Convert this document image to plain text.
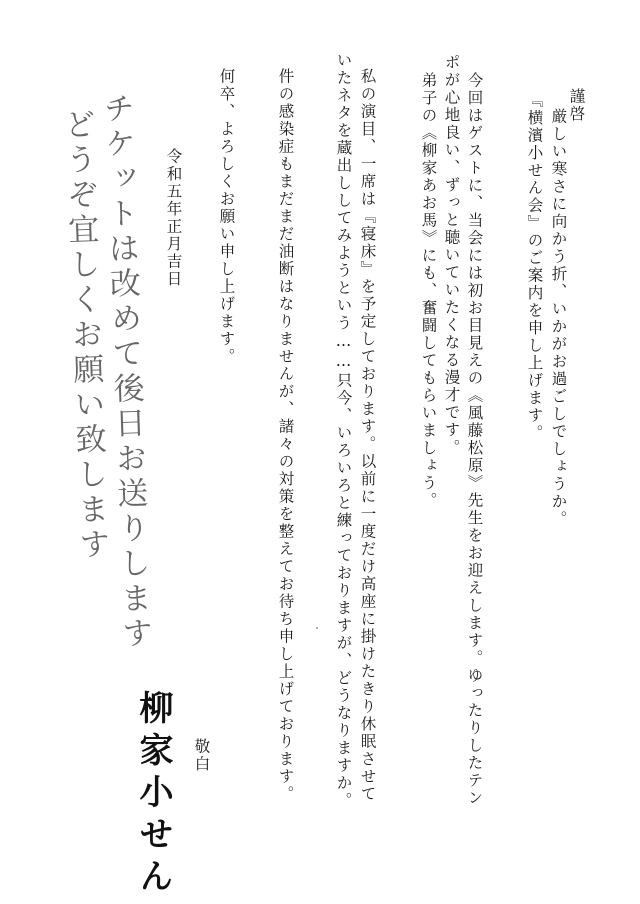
謹啓
厳しい寒さに向かう折、いかがお過ごしでしょうか。
『横濱小せん会』のご案内を申し上げます。
今回はゲストに、当会には初お目見えの《風藤松原》先生をお迎えします。ゆったりしたテン
ポが心地良い、ずっと聴いていたくなる漫才です。
弟子の《柳家あお馬》にも、奮闘してもらいましょう。
私の演目、一席は『寝床』を予定しております。以前に一度だけ高座に掛けたきり休眠させて
いたネタを蔵出ししてみようという……只今、いろいろと練っておりますが、どうなりますか。
件の感染症もまだまだ油断はなりませんが、諸々の対策を整えてお待ち申し上げております。
何卒、よろしくお願い申し上げます。
令和五年正月吉日
チケットは改めて後日お送りします
どうぞ宜しくお願い致します
敬白
柳家小せん
